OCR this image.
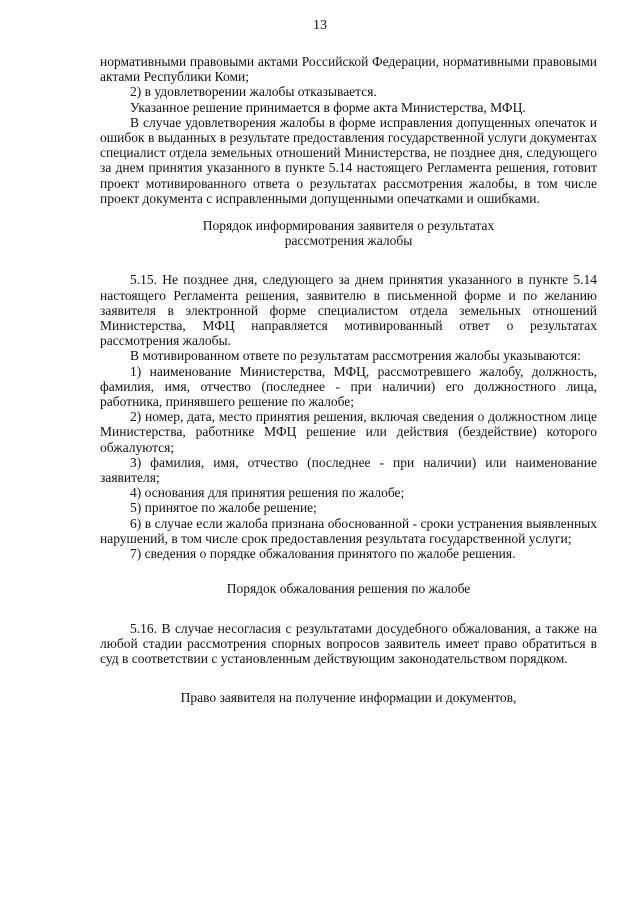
13

нормативными правовыми актами Российской Федерации, нормативными правовыми актами Республики Коми;

2) в удовлетворении жалобы отказывается.

Указанное решение принимается в форме акта Министерства, МФЦ.

В случае удовлетворения жалобы в форме исправления допущенных опечаток и ошибок в выданных в результате предоставления государственной услуги документах специалист отдела земельных отношений Министерства, не позднее дня, следующего за днем принятия указанного в пункте 5.14 настоящего Регламента решения, готовит проект мотивированного ответа о результатах рассмотрения жалобы, в том числе проект документа с исправленными допущенными опечатками и ошибками.

Порядок информирования заявителя о результатах

рассмотрения жалобы

5.15. Не позднее дня, следующего за днем принятия указанного в пункте 5.14 настоящего Регламента решения, заявителю в письменной форме и по желанию заявителя в электронной форме специалистом отдела земельных отношений Министерства, МФЦ направляется мотивированный ответ о результатах рассмотрения жалобы.

В мотивированном ответе по результатам рассмотрения жалобы указываются:

1) наименование Министерства, МФЦ, рассмотревшего жалобу, должность, фамилия, имя, отчество (последнее - при наличии) его должностного лица, работника, принявшего решение по жалобе;

2) номер, дата, место принятия решения, включая сведения о должностном лице Министерства, работнике МФЦ решение или действия (бездействие) которого обжалуются;

3) фамилия, имя, отчество (последнее - при наличии) или наименование заявителя;

4) основания для принятия решения по жалобе;

5) принятое по жалобе решение;

6) в случае если жалоба признана обоснованной - сроки устранения выявленных нарушений, в том числе срок предоставления результата государственной услуги;

7) сведения о порядке обжалования принятого по жалобе решения.

Порядок обжалования решения по жалобе

5.16. В случае несогласия с результатами досудебного обжалования, а также на любой стадии рассмотрения спорных вопросов заявитель имеет право обратиться в суд в соответствии с установленным действующим законодательством порядком.

Право заявителя на получение информации и документов,
